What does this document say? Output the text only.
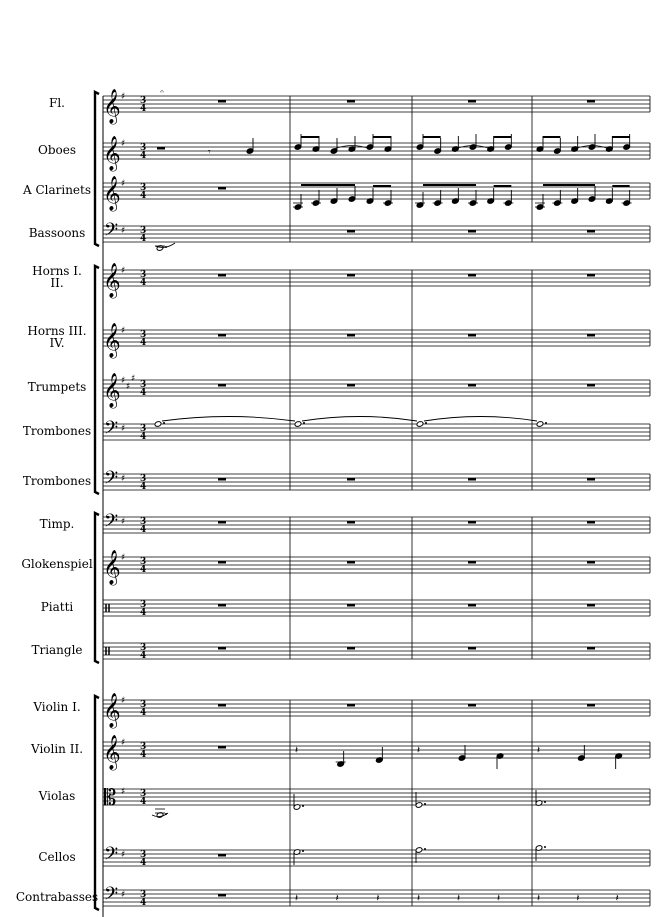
𝄞 ♯ 3
4
𝄐
Fl.
𝄞 ♯ 3
4	𝄾
♪
Oboes
𝄞 ♯ 3
4
A Clarinets
𝄢 ♯ 3
4
Bassoons
𝄞 ♯ 3
4
Horns I. II.
𝄞 ♯ 3
4
Horns III. IV.
𝄞 ♯
♯
♯
3
4
Trumpets
𝄢 ♯ 3
4
Trombones
𝄢 ♯ 3
4
Trombones
𝄢 ♯ 3
4
Timp.
𝄞 ♯ 3
4
Glokenspiel
3
4
Piatti
3
4
Triangle
𝄞 ♯ 3
4
Violin I.
𝄞 ♯ 3
4	𝄽	𝄽	𝄽
Violin II.
𝄡 ♯ 3
4
Violas
𝄢 ♯ 3
4
Cellos
𝄢 ♯ 3
4	𝄽	𝄽	𝄽	𝄽	𝄽	𝄽	𝄽	𝄽	𝄽
Contrabasses
